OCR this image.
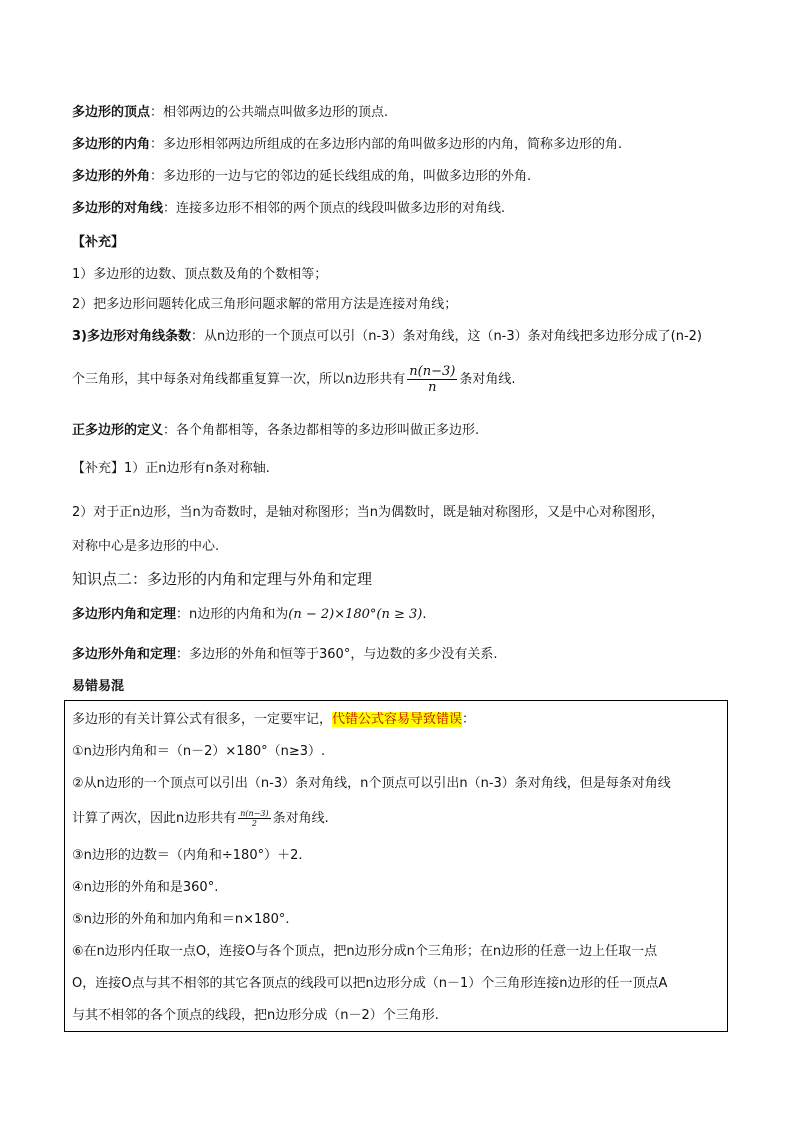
多边形的顶点：相邻两边的公共端点叫做多边形的顶点.
多边形的内角：多边形相邻两边所组成的在多边形内部的角叫做多边形的内角，简称多边形的角.
多边形的外角：多边形的一边与它的邻边的延长线组成的角，叫做多边形的外角.
多边形的对角线：连接多边形不相邻的两个顶点的线段叫做多边形的对角线.
【补充】
1）多边形的边数、顶点数及角的个数相等；
2）把多边形问题转化成三角形问题求解的常用方法是连接对角线；
3)多边形对角线条数：从n边形的一个顶点可以引（n-3）条对角线，这（n-3）条对角线把多边形分成了(n-2)
个三角形，其中每条对角线都重复算一次，所以n边形共有 $\frac{n(n-3)}{n}$ 条对角线.
正多边形的定义：各个角都相等，各条边都相等的多边形叫做正多边形.
【补充】1）正n边形有n条对称轴.
2）对于正n边形，当n为奇数时，是轴对称图形；当n为偶数时，既是轴对称图形，又是中心对称图形，
对称中心是多边形的中心.
知识点二：多边形的内角和定理与外角和定理
多边形内角和定理：n边形的内角和为(n − 2)×180°(n ≥ 3).
多边形外角和定理：多边形的外角和恒等于360°，与边数的多少没有关系.
易错易混
多边形的有关计算公式有很多，一定要牢记，代错公式容易导致错误：
①n边形内角和＝（n－2）×180°（n≥3）.
②从n边形的一个顶点可以引出（n-3）条对角线，n个顶点可以引出n（n-3）条对角线，但是每条对角线
计算了两次，因此n边形共有 $\frac{n(n-3)}{2}$ 条对角线.
③n边形的边数＝（内角和÷180°）＋2.
④n边形的外角和是360°.
⑤n边形的外角和加内角和＝n×180°.
⑥在n边形内任取一点O，连接O与各个顶点，把n边形分成n个三角形；在n边形的任意一边上任取一点
O，连接O点与其不相邻的其它各顶点的线段可以把n边形分成（n－1）个三角形连接n边形的任一顶点A
与其不相邻的各个顶点的线段，把n边形分成（n－2）个三角形.
